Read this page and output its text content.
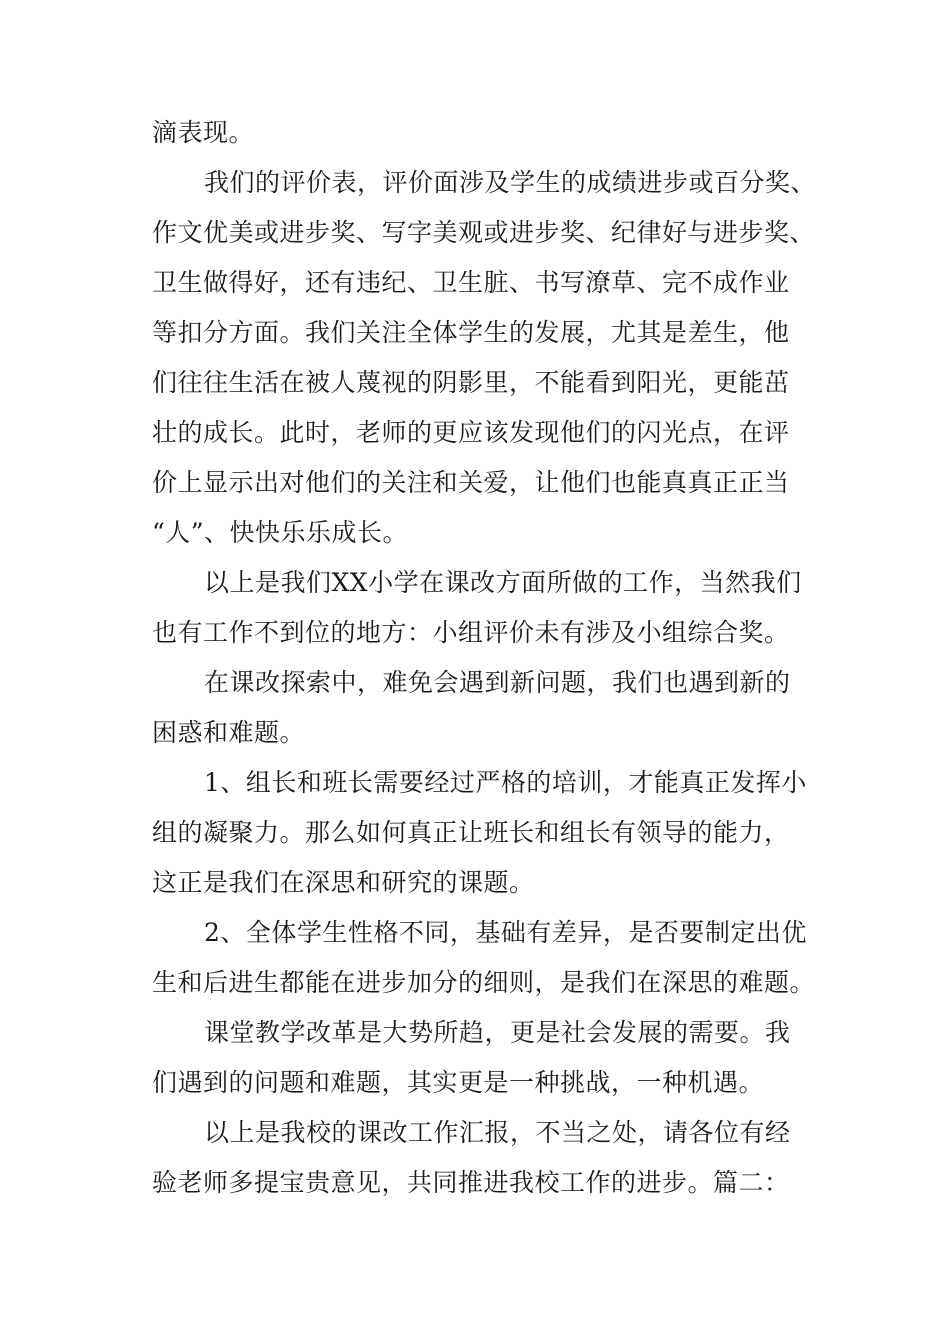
滴表现。
我们的评价表，评价面涉及学生的成绩进步或百分奖、
作文优美或进步奖、写字美观或进步奖、纪律好与进步奖、
卫生做得好，还有违纪、卫生脏、书写潦草、完不成作业
等扣分方面。我们关注全体学生的发展，尤其是差生，他
们往往生活在被人蔑视的阴影里，不能看到阳光，更能茁
壮的成长。此时，老师的更应该发现他们的闪光点，在评
价上显示出对他们的关注和关爱，让他们也能真真正正当
“人”、快快乐乐成长。
以上是我们XX小学在课改方面所做的工作，当然我们
也有工作不到位的地方：小组评价未有涉及小组综合奖。
在课改探索中，难免会遇到新问题，我们也遇到新的
困惑和难题。
1、组长和班长需要经过严格的培训，才能真正发挥小
组的凝聚力。那么如何真正让班长和组长有领导的能力，
这正是我们在深思和研究的课题。
2、全体学生性格不同，基础有差异，是否要制定出优
生和后进生都能在进步加分的细则，是我们在深思的难题。
课堂教学改革是大势所趋，更是社会发展的需要。我
们遇到的问题和难题，其实更是一种挑战，一种机遇。
以上是我校的课改工作汇报，不当之处，请各位有经
验老师多提宝贵意见，共同推进我校工作的进步。篇二：
